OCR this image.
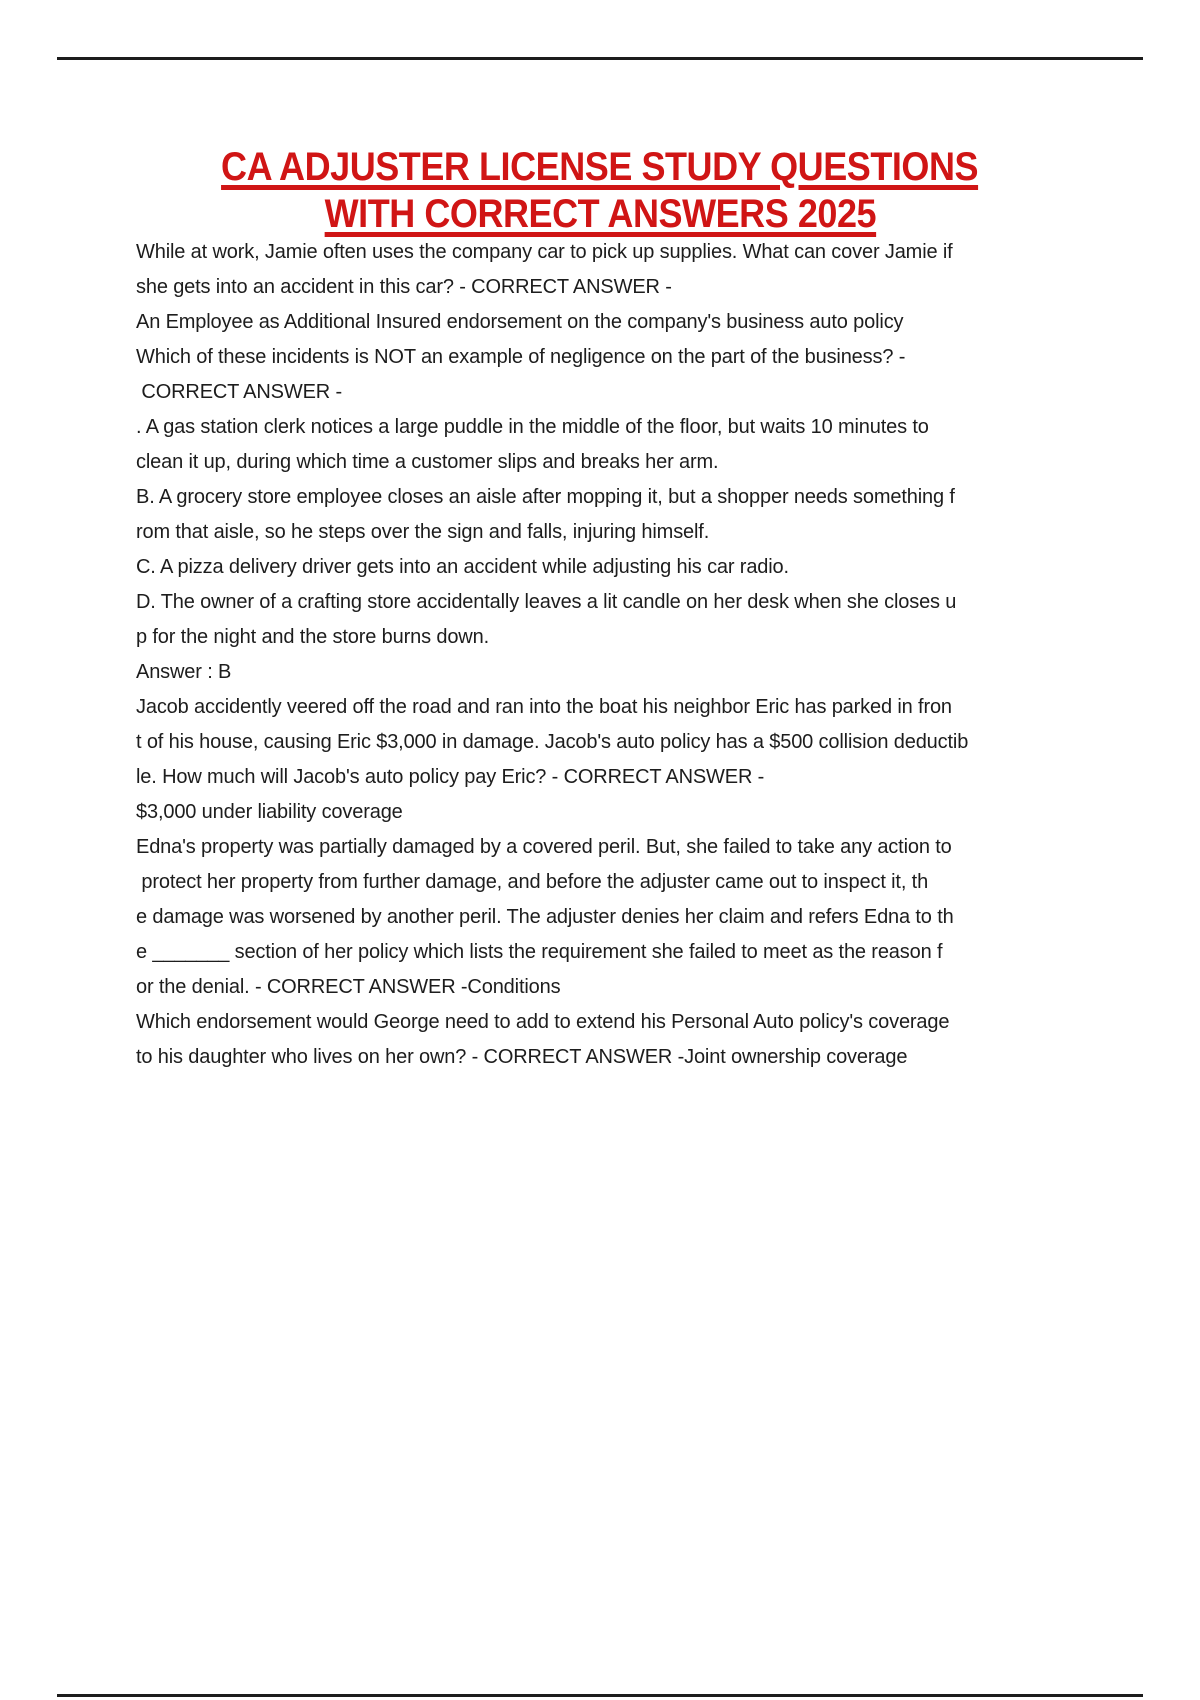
CA ADJUSTER LICENSE STUDY QUESTIONS
WITH CORRECT ANSWERS 2025

While at work, Jamie often uses the company car to pick up supplies. What can cover Jamie if
she gets into an accident in this car? - CORRECT ANSWER -
An Employee as Additional Insured endorsement on the company's business auto policy

Which of these incidents is NOT an example of negligence on the part of the business? -
CORRECT ANSWER -
. A gas station clerk notices a large puddle in the middle of the floor, but waits 10 minutes to
clean it up, during which time a customer slips and breaks her arm.

B. A grocery store employee closes an aisle after mopping it, but a shopper needs something f
rom that aisle, so he steps over the sign and falls, injuring himself.

C. A pizza delivery driver gets into an accident while adjusting his car radio.

D. The owner of a crafting store accidentally leaves a lit candle on her desk when she closes u
p for the night and the store burns down.

Answer : B

Jacob accidently veered off the road and ran into the boat his neighbor Eric has parked in fron
t of his house, causing Eric $3,000 in damage. Jacob's auto policy has a $500 collision deductib
le. How much will Jacob's auto policy pay Eric? - CORRECT ANSWER -
$3,000 under liability coverage

Edna's property was partially damaged by a covered peril. But, she failed to take any action to
protect her property from further damage, and before the adjuster came out to inspect it, th
e damage was worsened by another peril. The adjuster denies her claim and refers Edna to th
e _______ section of her policy which lists the requirement she failed to meet as the reason f
or the denial. - CORRECT ANSWER -Conditions

Which endorsement would George need to add to extend his Personal Auto policy's coverage
to his daughter who lives on her own? - CORRECT ANSWER -Joint ownership coverage
